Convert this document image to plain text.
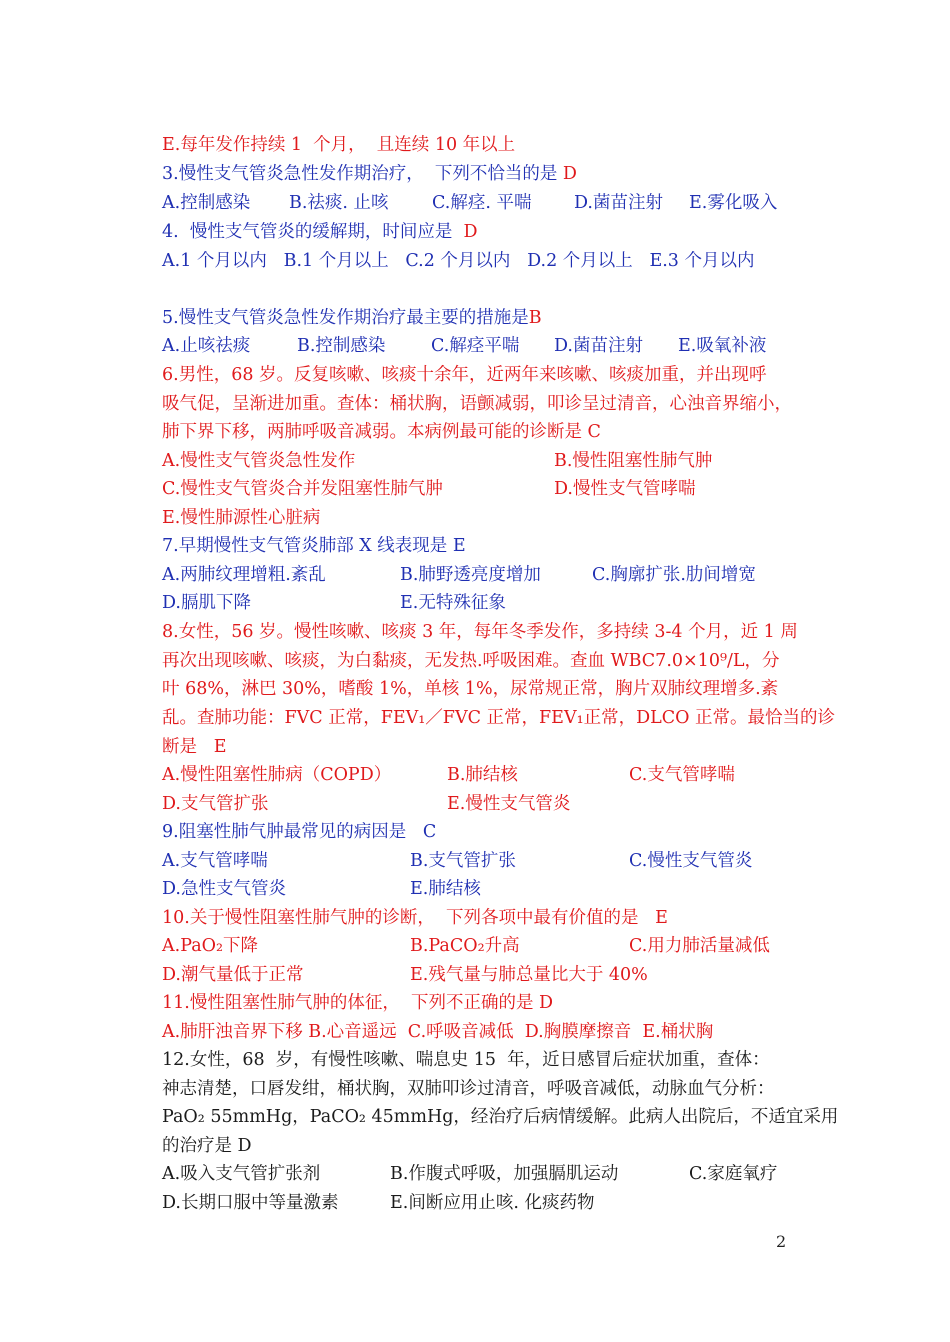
E.每年发作持续 1  个月，  且连续 10 年以上
3.慢性支气管炎急性发作期治疗，  下列不恰当的是 D
A.控制感染 B.祛痰. 止咳 C.解痉. 平喘 D.菌苗注射 E.雾化吸入
4.  慢性支气管炎的缓解期，时间应是  D
A.1 个月以内   B.1 个月以上   C.2 个月以内   D.2 个月以上   E.3 个月以内
5.慢性支气管炎急性发作期治疗最主要的措施是B
A.止咳祛痰	B.控制感染	C.解痉平喘 D.菌苗注射 E.吸氧补液
6.男性，68 岁。反复咳嗽、咳痰十余年，近两年来咳嗽、咳痰加重，并出现呼
吸气促，呈渐进加重。查体：桶状胸，语颤减弱，叩诊呈过清音，心浊音界缩小，
肺下界下移，两肺呼吸音减弱。本病例最可能的诊断是 C
A.慢性支气管炎急性发作	B.慢性阻塞性肺气肿
C.慢性支气管炎合并发阻塞性肺气肿	D.慢性支气管哮喘
E.慢性肺源性心脏病
7.早期慢性支气管炎肺部 X 线表现是 E
A.两肺纹理增粗.紊乱	B.肺野透亮度增加	C.胸廓扩张.肋间增宽
D.膈肌下降	E.无特殊征象
8.女性，56 岁。慢性咳嗽、咳痰 3 年，每年冬季发作，多持续 3-4 个月，近 1 周
再次出现咳嗽、咳痰，为白黏痰，无发热.呼吸困难。查血 WBC7.0×10⁹/L，分
叶 68%，淋巴 30%，嗜酸 1%，单核 1%，尿常规正常，胸片双肺纹理增多.紊
乱。查肺功能：FVC 正常，FEV₁／FVC 正常，FEV₁正常，DLCO 正常。最恰当的诊
断是   E
A.慢性阻塞性肺病（COPD）	B.肺结核	C.支气管哮喘
D.支气管扩张	E.慢性支气管炎
9.阻塞性肺气肿最常见的病因是   C
A.支气管哮喘	B.支气管扩张	C.慢性支气管炎
D.急性支气管炎	E.肺结核
10.关于慢性阻塞性肺气肿的诊断，  下列各项中最有价值的是   E
A.PaO₂下降	B.PaCO₂升高	C.用力肺活量减低
D.潮气量低于正常	E.残气量与肺总量比大于 40%
11.慢性阻塞性肺气肿的体征，  下列不正确的是 D
A.肺肝浊音界下移 B.心音遥远  C.呼吸音减低  D.胸膜摩擦音  E.桶状胸
12.女性，68  岁，有慢性咳嗽、喘息史 15  年，近日感冒后症状加重，查体：
神志清楚，口唇发绀，桶状胸，双肺叩诊过清音，呼吸音减低，动脉血气分析：
PaO₂ 55mmHg，PaCO₂ 45mmHg，经治疗后病情缓解。此病人出院后，不适宜采用
的治疗是 D
A.吸入支气管扩张剂	B.作腹式呼吸，加强膈肌运动	C.家庭氧疗
D.长期口服中等量激素	E.间断应用止咳. 化痰药物
2
